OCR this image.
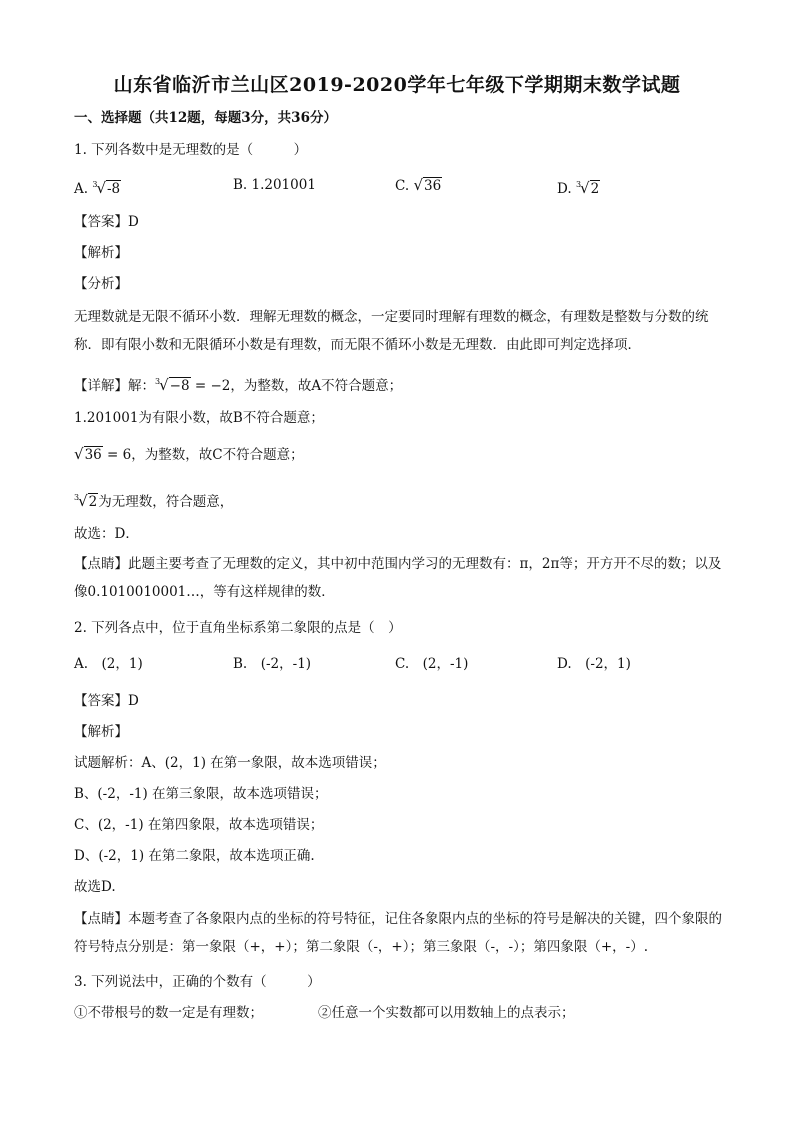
山东省临沂市兰山区2019-2020学年七年级下学期期末数学试题
一、选择题（共12题，每题3分，共36分）
1. 下列各数中是无理数的是（　　　）
A. $^3$√-8	B. 1.201001	C. √36	D. $^3$√2
【答案】D
【解析】
【分析】
无理数就是无限不循环小数．理解无理数的概念，一定要同时理解有理数的概念，有理数是整数与分数的统称．即有限小数和无限循环小数是有理数，而无限不循环小数是无理数．由此即可判定选择项．
【详解】解：$^3$√−8 = −2，为整数，故A不符合题意；
1.201001为有限小数，故B不符合题意；
√36 = 6，为整数，故C不符合题意；
$^3$√2为无理数，符合题意，
故选：D．
【点睛】此题主要考查了无理数的定义，其中初中范围内学习的无理数有：π，2π等；开方开不尽的数；以及像0.1010010001…，等有这样规律的数．
2. 下列各点中，位于直角坐标系第二象限的点是（　）
A.　(2，1)	B.　(-2，-1)	C.　(2，-1)	D.　(-2，1)
【答案】D
【解析】
试题解析：A、(2，1) 在第一象限，故本选项错误；
B、(-2，-1) 在第三象限，故本选项错误；
C、(2，-1) 在第四象限，故本选项错误；
D、(-2，1) 在第二象限，故本选项正确.
故选D.
【点睛】本题考查了各象限内点的坐标的符号特征，记住各象限内点的坐标的符号是解决的关键，四个象限的符号特点分别是：第一象限（+，+）；第二象限（-，+）；第三象限（-，-）；第四象限（+，-）.
3. 下列说法中，正确的个数有（　　　）
①不带根号的数一定是有理数；	②任意一个实数都可以用数轴上的点表示；
